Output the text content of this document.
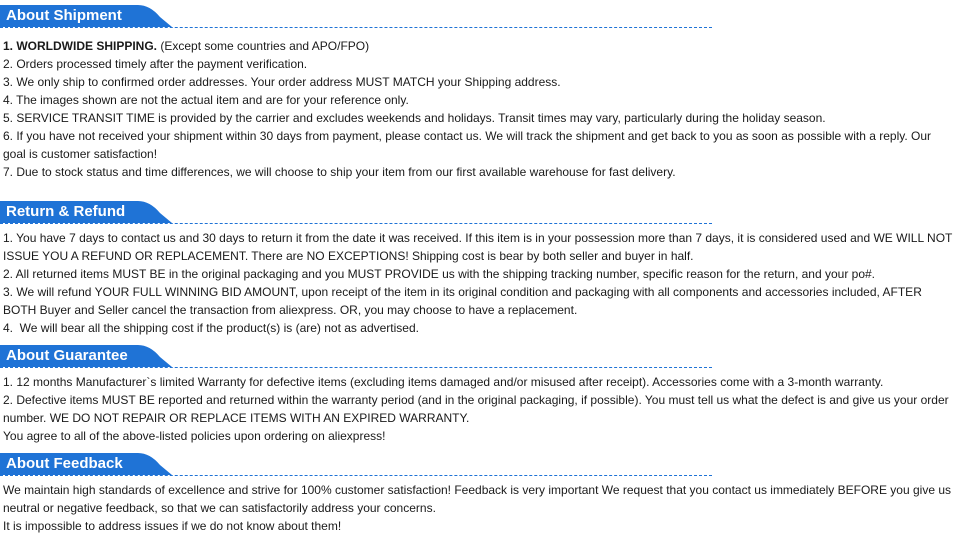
About Shipment
1. WORLDWIDE SHIPPING. (Except some countries and APO/FPO)
2. Orders processed timely after the payment verification.
3. We only ship to confirmed order addresses. Your order address MUST MATCH your Shipping address.
4. The images shown are not the actual item and are for your reference only.
5. SERVICE TRANSIT TIME is provided by the carrier and excludes weekends and holidays. Transit times may vary, particularly during the holiday season.
6. If you have not received your shipment within 30 days from payment, please contact us. We will track the shipment and get back to you as soon as possible with a reply. Our goal is customer satisfaction!
7. Due to stock status and time differences, we will choose to ship your item from our first available warehouse for fast delivery.
Return & Refund
1. You have 7 days to contact us and 30 days to return it from the date it was received. If this item is in your possession more than 7 days, it is considered used and WE WILL NOT ISSUE YOU A REFUND OR REPLACEMENT. There are NO EXCEPTIONS! Shipping cost is bear by both seller and buyer in half.
2. All returned items MUST BE in the original packaging and you MUST PROVIDE us with the shipping tracking number, specific reason for the return, and your po#.
3. We will refund YOUR FULL WINNING BID AMOUNT, upon receipt of the item in its original condition and packaging with all components and accessories included, AFTER BOTH Buyer and Seller cancel the transaction from aliexpress. OR, you may choose to have a replacement.
4.  We will bear all the shipping cost if the product(s) is (are) not as advertised.
About Guarantee
1. 12 months Manufacturer`s limited Warranty for defective items (excluding items damaged and/or misused after receipt). Accessories come with a 3-month warranty.
2. Defective items MUST BE reported and returned within the warranty period (and in the original packaging, if possible). You must tell us what the defect is and give us your order number. WE DO NOT REPAIR OR REPLACE ITEMS WITH AN EXPIRED WARRANTY.
You agree to all of the above-listed policies upon ordering on aliexpress!
About Feedback
We maintain high standards of excellence and strive for 100% customer satisfaction! Feedback is very important We request that you contact us immediately BEFORE you give us neutral or negative feedback, so that we can satisfactorily address your concerns.
It is impossible to address issues if we do not know about them!
